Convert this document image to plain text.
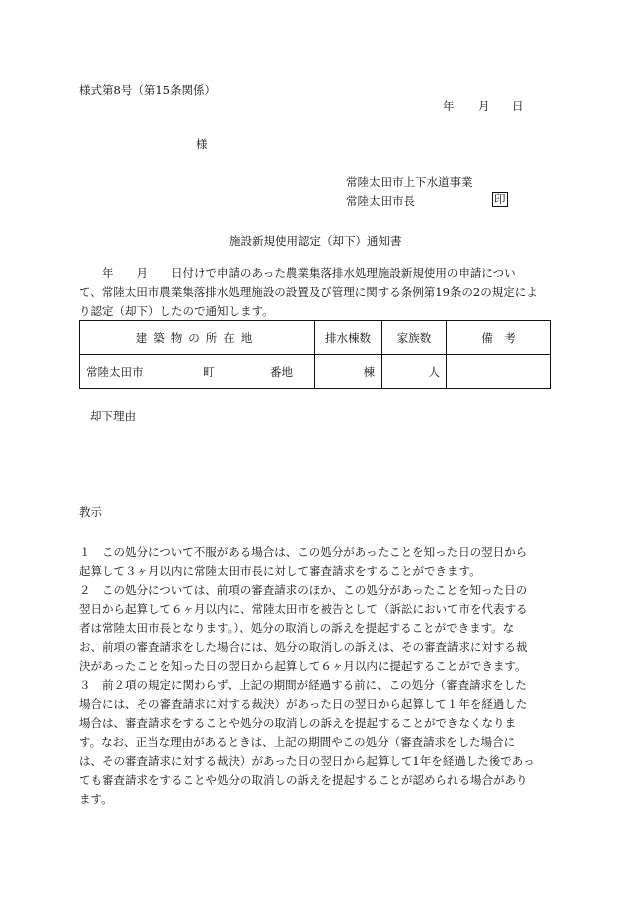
様式第8号（第15条関係）
年 月 日
様
常陸太田市上下水道事業
常陸太田市長	印
施設新規使用認定（却下）通知書

　　年　　月　　日付けで申請のあった農業集落排水処理施設新規使用の申請につい

て、常陸太田市農業集落排水処理施設の設置及び管理に関する条例第19条の2の規定によ

り認定（却下）したので通知します。

建築物の所在地	排水棟数	家族数	備　考
常陸太田市 町 番地	棟	人	
却下理由
教示

１　この処分について不服がある場合は、この処分があったことを知った日の翌日から

起算して３ヶ月以内に常陸太田市長に対して審査請求をすることができます。

２　この処分については、前項の審査請求のほか、この処分があったことを知った日の

翌日から起算して６ヶ月以内に、常陸太田市を被告として（訴訟において市を代表する

者は常陸太田市長となります。）、処分の取消しの訴えを提起することができます。な

お、前項の審査請求をした場合には、処分の取消しの訴えは、その審査請求に対する裁

決があったことを知った日の翌日から起算して６ヶ月以内に提起することができます。

３　前２項の規定に関わらず、上記の期間が経過する前に、この処分（審査請求をした

場合には、その審査請求に対する裁決）があった日の翌日から起算して１年を経過した

場合は、審査請求をすることや処分の取消しの訴えを提起することができなくなりま

す。なお、正当な理由があるときは、上記の期間やこの処分（審査請求をした場合に

は、その審査請求に対する裁決）があった日の翌日から起算して1年を経過した後であっ

ても審査請求をすることや処分の取消しの訴えを提起することが認められる場合があり

ます。
